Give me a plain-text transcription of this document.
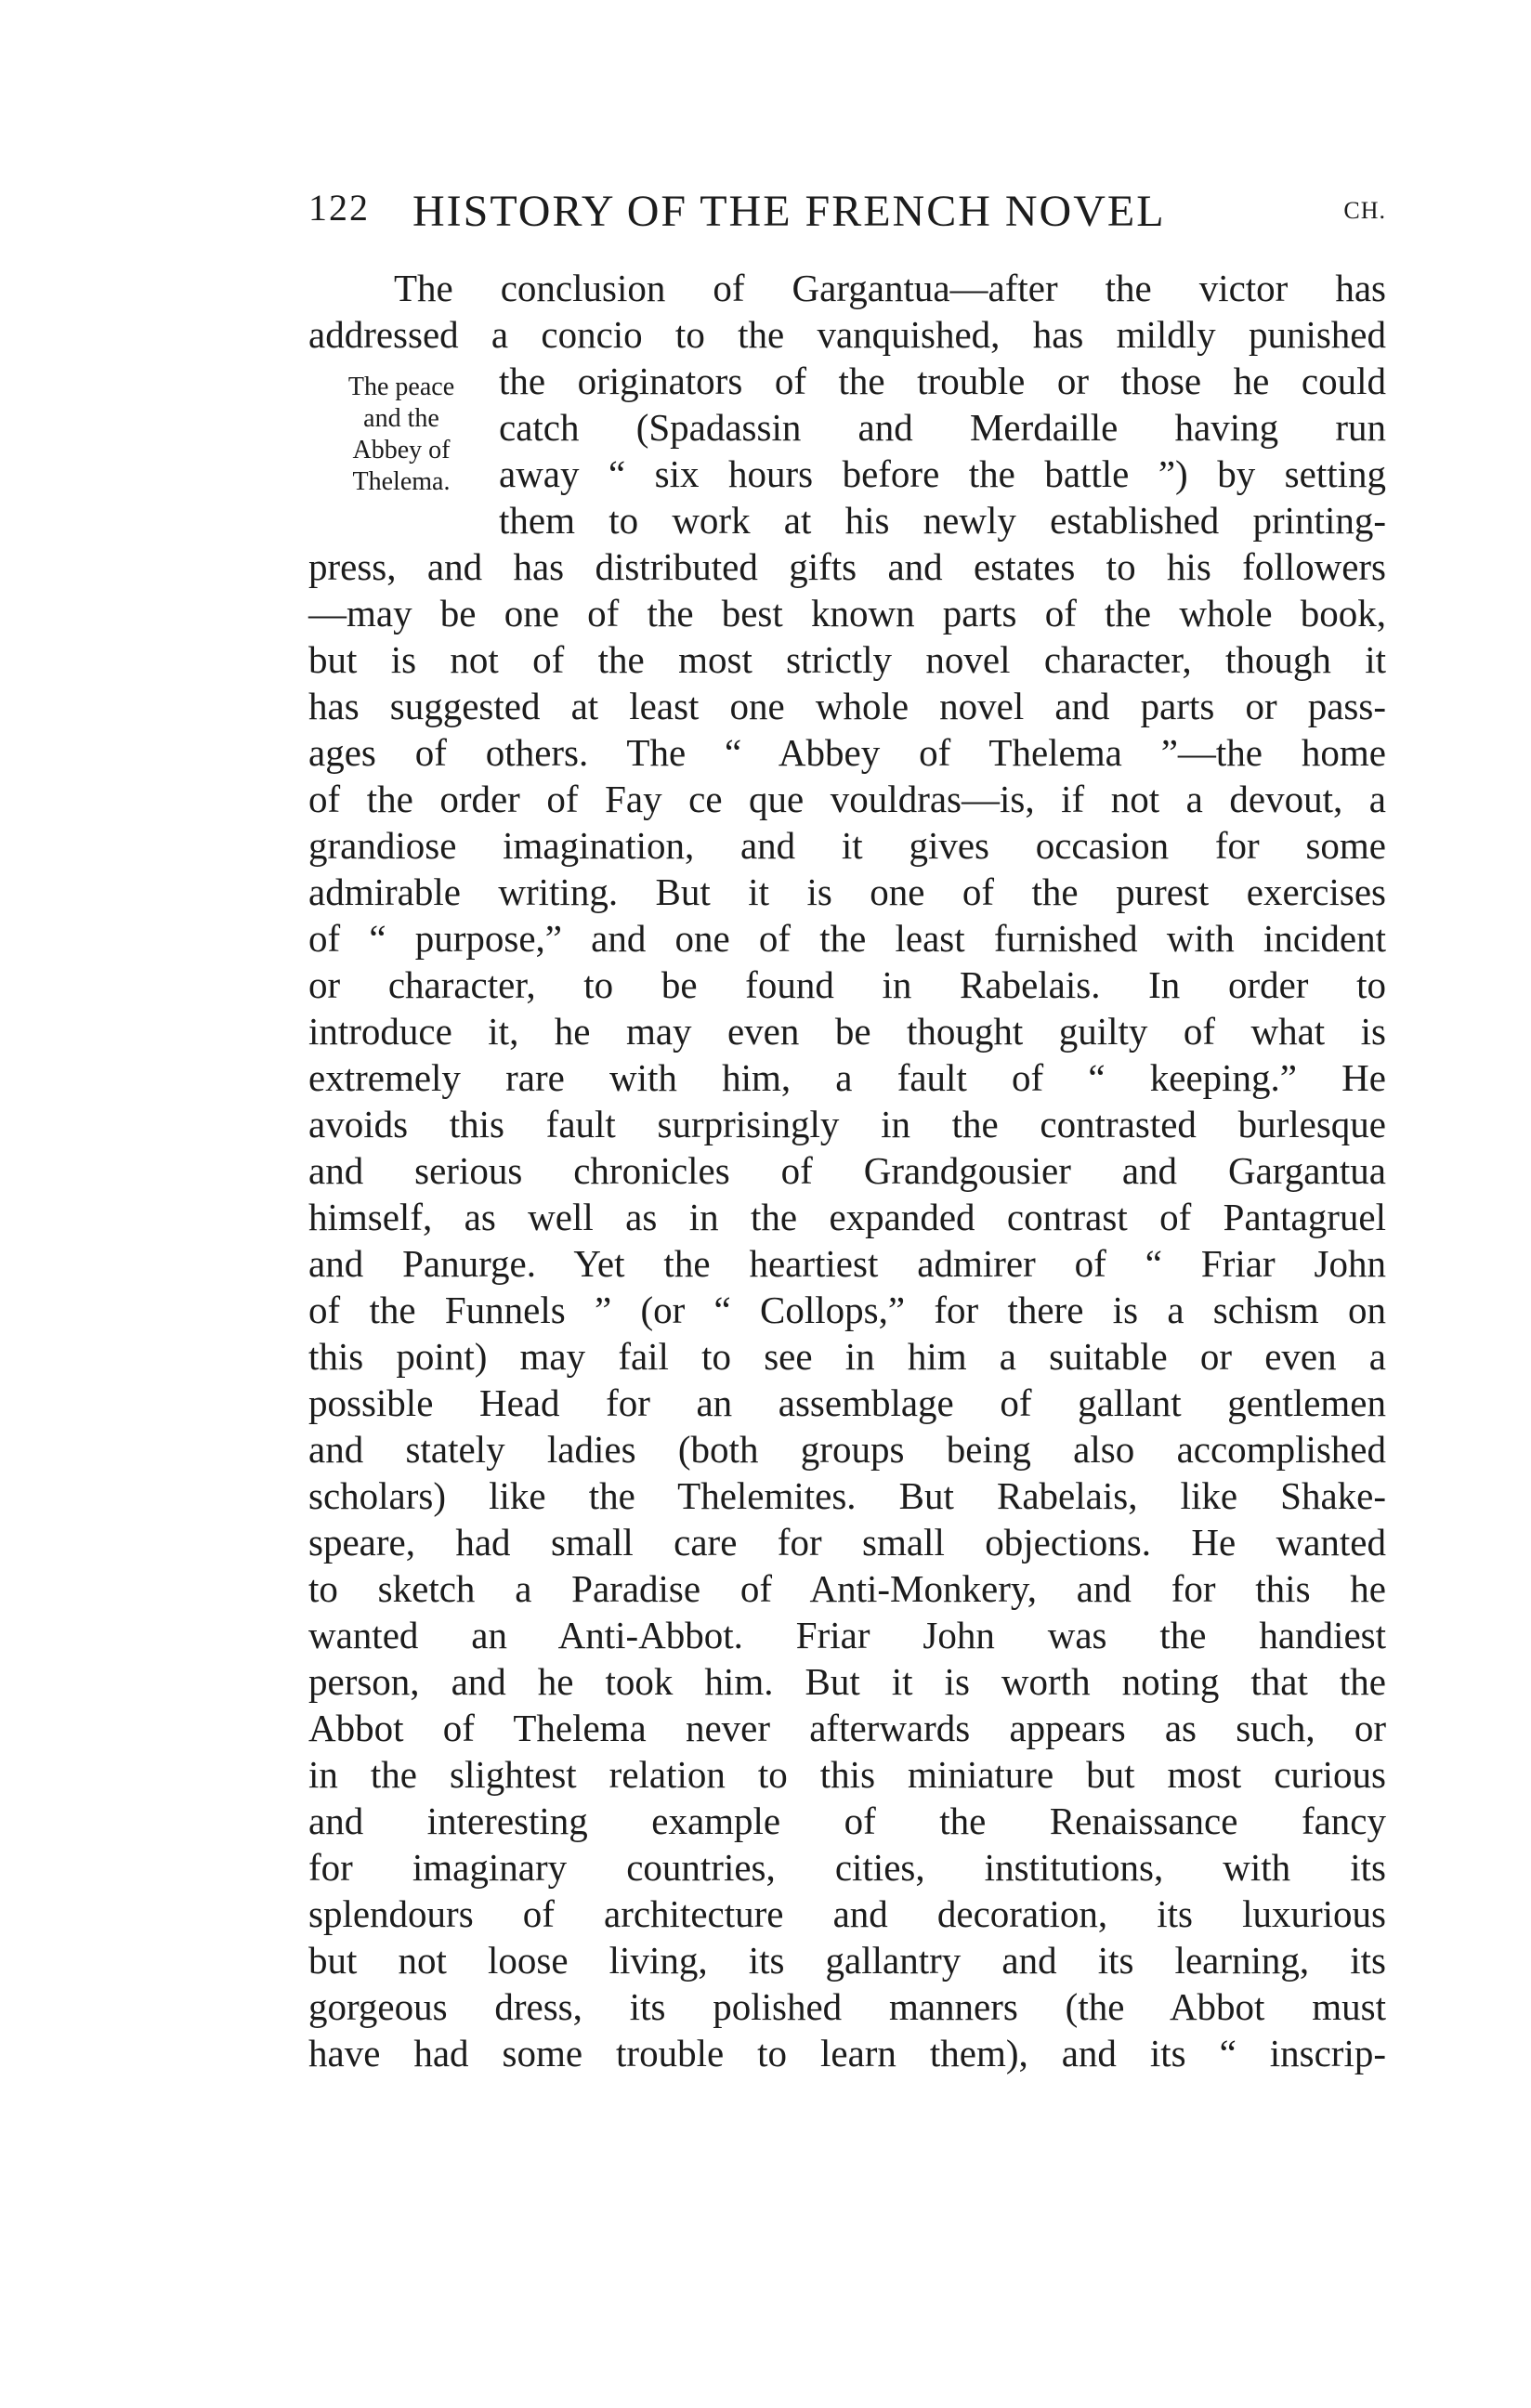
122 HISTORY OF THE FRENCH NOVEL	CH.
The peace
and the
Abbey of
Thelema.
The conclusion of Gargantua—after the victor has
addressed a concio to the vanquished, has mildly punished
the originators of the trouble or those he could
catch (Spadassin and Merdaille having run
away “ six hours before the battle ”) by setting
them to work at his newly established printing-
press, and has distributed gifts and estates to his followers
—may be one of the best known parts of the whole book,
but is not of the most strictly novel character, though it
has suggested at least one whole novel and parts or pass-
ages of others. The “ Abbey of Thelema ”—the home
of the order of Fay ce que vouldras—is, if not a devout, a
grandiose imagination, and it gives occasion for some
admirable writing. But it is one of the purest exercises
of “ purpose,” and one of the least furnished with incident
or character, to be found in Rabelais. In order to
introduce it, he may even be thought guilty of what is
extremely rare with him, a fault of “ keeping.” He
avoids this fault surprisingly in the contrasted burlesque
and serious chronicles of Grandgousier and Gargantua
himself, as well as in the expanded contrast of Pantagruel
and Panurge. Yet the heartiest admirer of “ Friar John
of the Funnels ” (or “ Collops,” for there is a schism on
this point) may fail to see in him a suitable or even a
possible Head for an assemblage of gallant gentlemen
and stately ladies (both groups being also accomplished
scholars) like the Thelemites. But Rabelais, like Shake-
speare, had small care for small objections. He wanted
to sketch a Paradise of Anti-Monkery, and for this he
wanted an Anti-Abbot. Friar John was the handiest
person, and he took him. But it is worth noting that the
Abbot of Thelema never afterwards appears as such, or
in the slightest relation to this miniature but most curious
and interesting example of the Renaissance fancy
for imaginary countries, cities, institutions, with its
splendours of architecture and decoration, its luxurious
but not loose living, its gallantry and its learning, its
gorgeous dress, its polished manners (the Abbot must
have had some trouble to learn them), and its “ inscrip-
